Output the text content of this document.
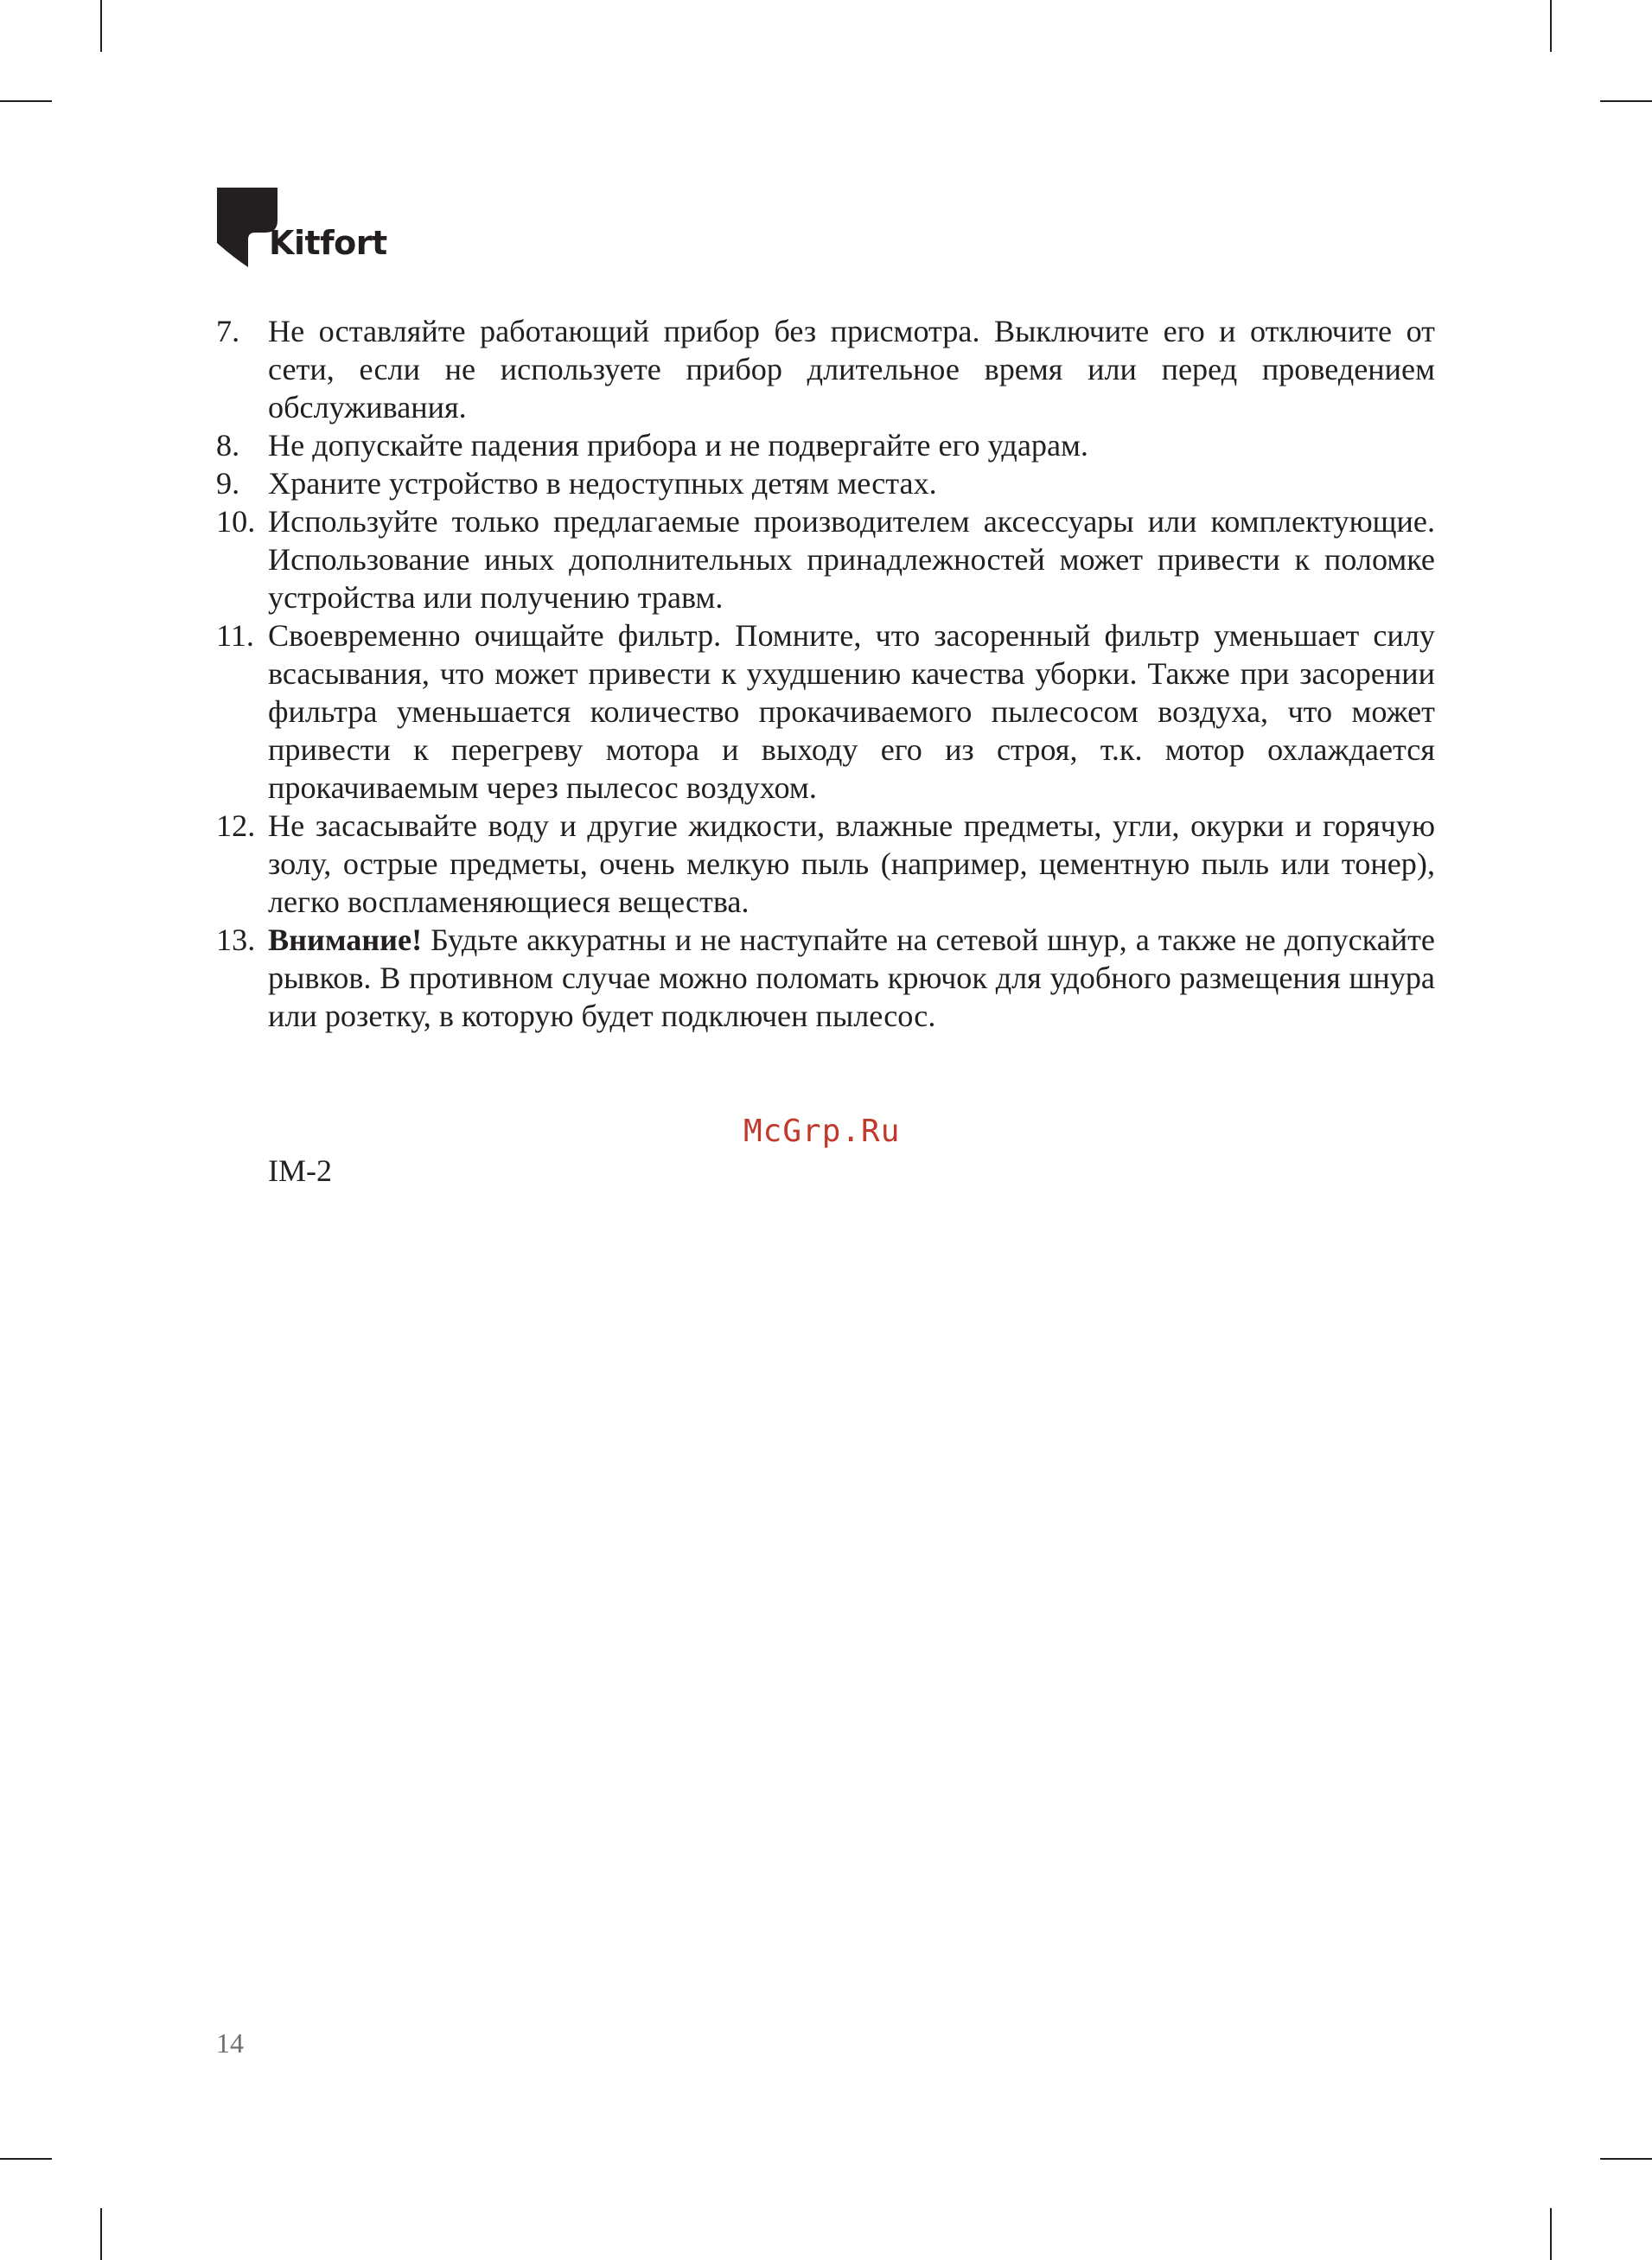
Kitfort
7. Не оставляйте работающий прибор без присмотра. Выключите его и отключите от сети, если не используете прибор длительное время или перед проведением обслуживания.
8. Не допускайте падения прибора и не подвергайте его ударам.
9. Храните устройство в недоступных детям местах.
10. Используйте только предлагаемые производителем аксессуары или комплектующие. Использование иных дополнительных принадлежностей может привести к поломке устройства или получению травм.
11. Своевременно очищайте фильтр. Помните, что засоренный фильтр уменьшает силу всасывания, что может привести к ухудшению качества уборки. Также при засорении фильтра уменьшается количество прокачиваемого пылесосом воздуха, что может привести к перегреву мотора и выходу его из строя, т.к. мотор охлаждается прокачиваемым через пылесос воздухом.
12. Не засасывайте воду и другие жидкости, влажные предметы, угли, окурки и горячую золу, острые предметы, очень мелкую пыль (например, цементную пыль или тонер), легко воспламеняющиеся вещества.
13. Внимание! Будьте аккуратны и не наступайте на сетевой шнур, а также не допускайте рывков. В противном случае можно поломать крючок для удобного размещения шнура или розетку, в которую будет подключен пылесос.
McGrp.Ru
IM-2
14
